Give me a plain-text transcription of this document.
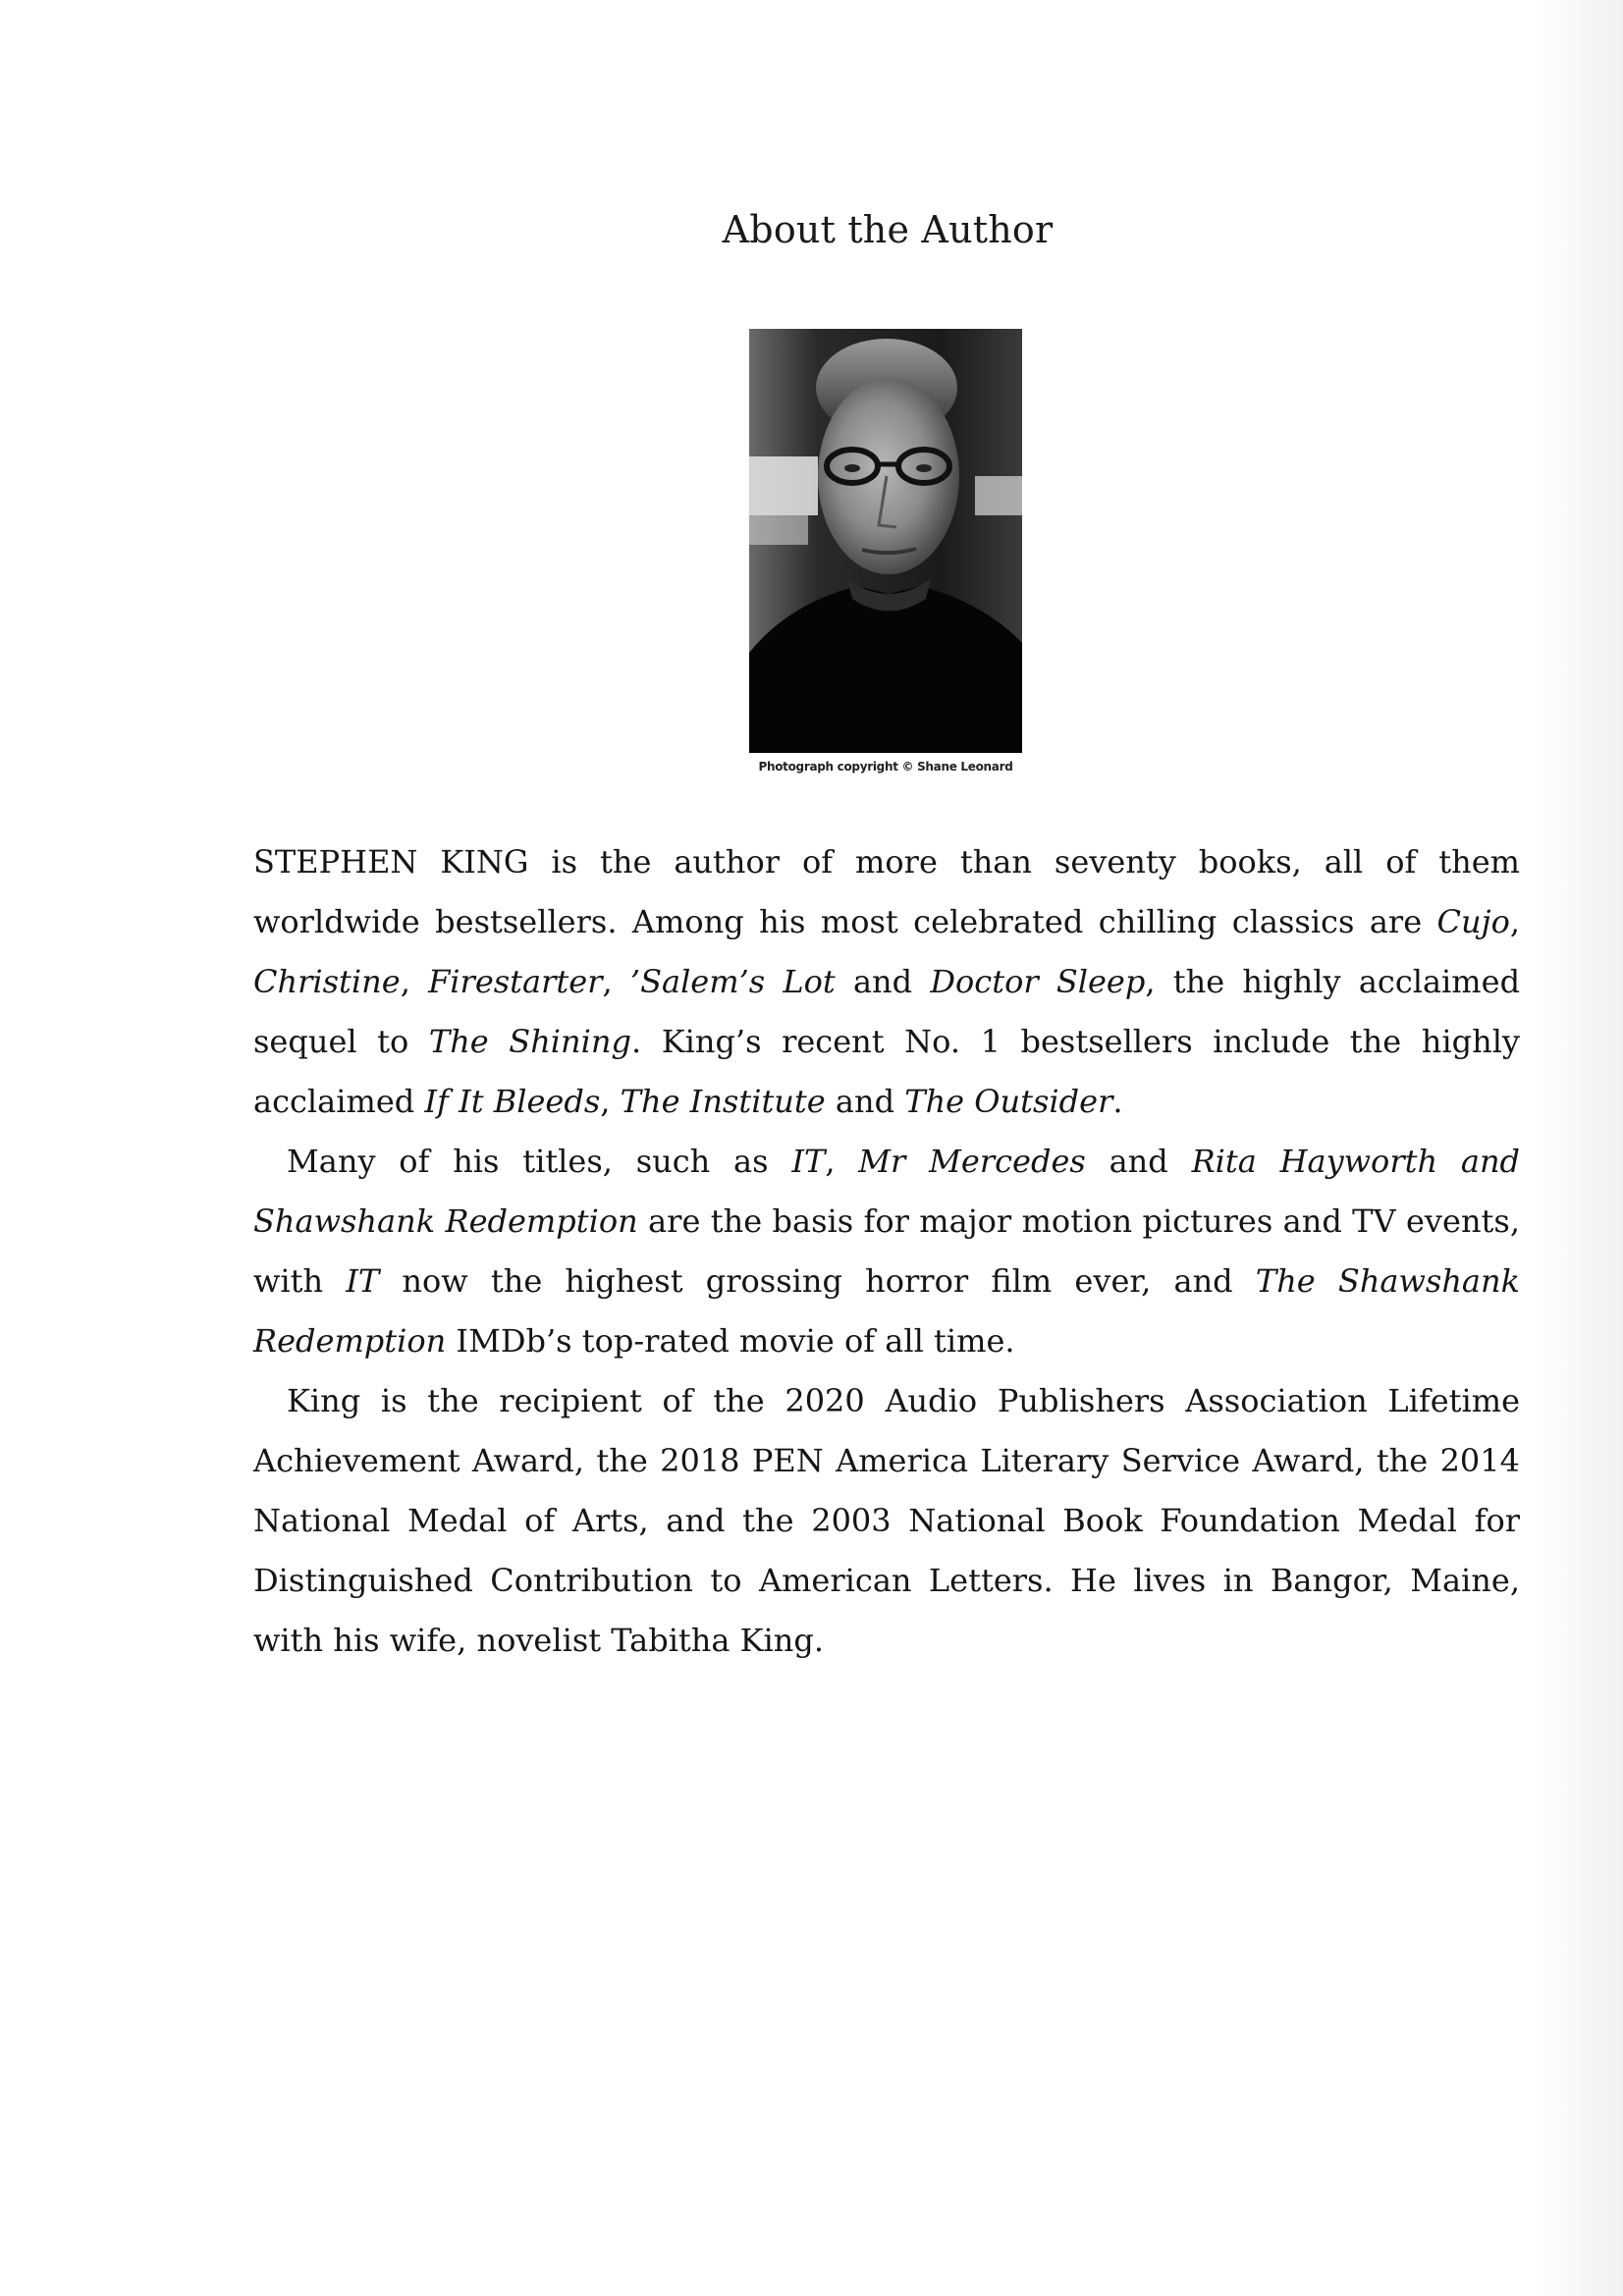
About the Author
Photograph copyright © Shane Leonard

STEPHEN KING is the author of more than seventy books, all of them worldwide bestsellers. Among his most celebrated chilling classics are Cujo, Christine, Firestarter, ’Salem’s Lot and Doctor Sleep, the highly acclaimed sequel to The Shining. King’s recent No. 1 bestsellers include the highly acclaimed If It Bleeds, The Institute and The Outsider.

Many of his titles, such as IT, Mr Mercedes and Rita Hayworth and Shawshank Redemption are the basis for major motion pictures and TV events, with IT now the highest grossing horror film ever, and The Shawshank Redemption IMDb’s top-rated movie of all time.

King is the recipient of the 2020 Audio Publishers Association Lifetime Achievement Award, the 2018 PEN America Literary Service Award, the 2014 National Medal of Arts, and the 2003 National Book Foundation Medal for Distinguished Contribution to American Letters. He lives in Bangor, Maine, with his wife, novelist Tabitha King.
